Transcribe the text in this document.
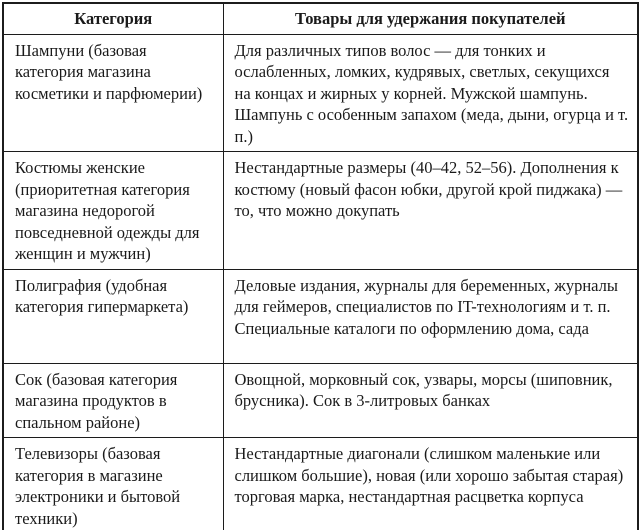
Категория	Товары для удержания покупателей
Шампуни (базовая категория магазина косметики и парфюмерии)	Для различных типов волос — для тонких и ослабленных, ломких, кудрявых, светлых, секущихся на концах и жирных у корней. Мужской шампунь. Шампунь с особенным запахом (меда, дыни, огурца и т. п.)
Костюмы женские (приоритетная категория магазина недорогой повседневной одежды для женщин и мужчин)	Нестандартные размеры (40–42, 52–56). Дополнения к костюму (новый фасон юбки, другой крой пиджака) — то, что можно докупать
Полиграфия (удобная категория гипермаркета)	Деловые издания, журналы для беременных, журналы для геймеров, специалистов по IT-технологиям и т. п. Специальные каталоги по оформлению дома, сада
Сок (базовая категория магазина продуктов в спальном районе)	Овощной, морковный сок, узвары, морсы (шиповник, брусника). Сок в 3-литровых банках
Телевизоры (базовая категория в магазине электроники и бытовой техники)	Нестандартные диагонали (слишком маленькие или слишком большие), новая (или хорошо забытая старая) торговая марка, нестандартная расцветка корпуса
